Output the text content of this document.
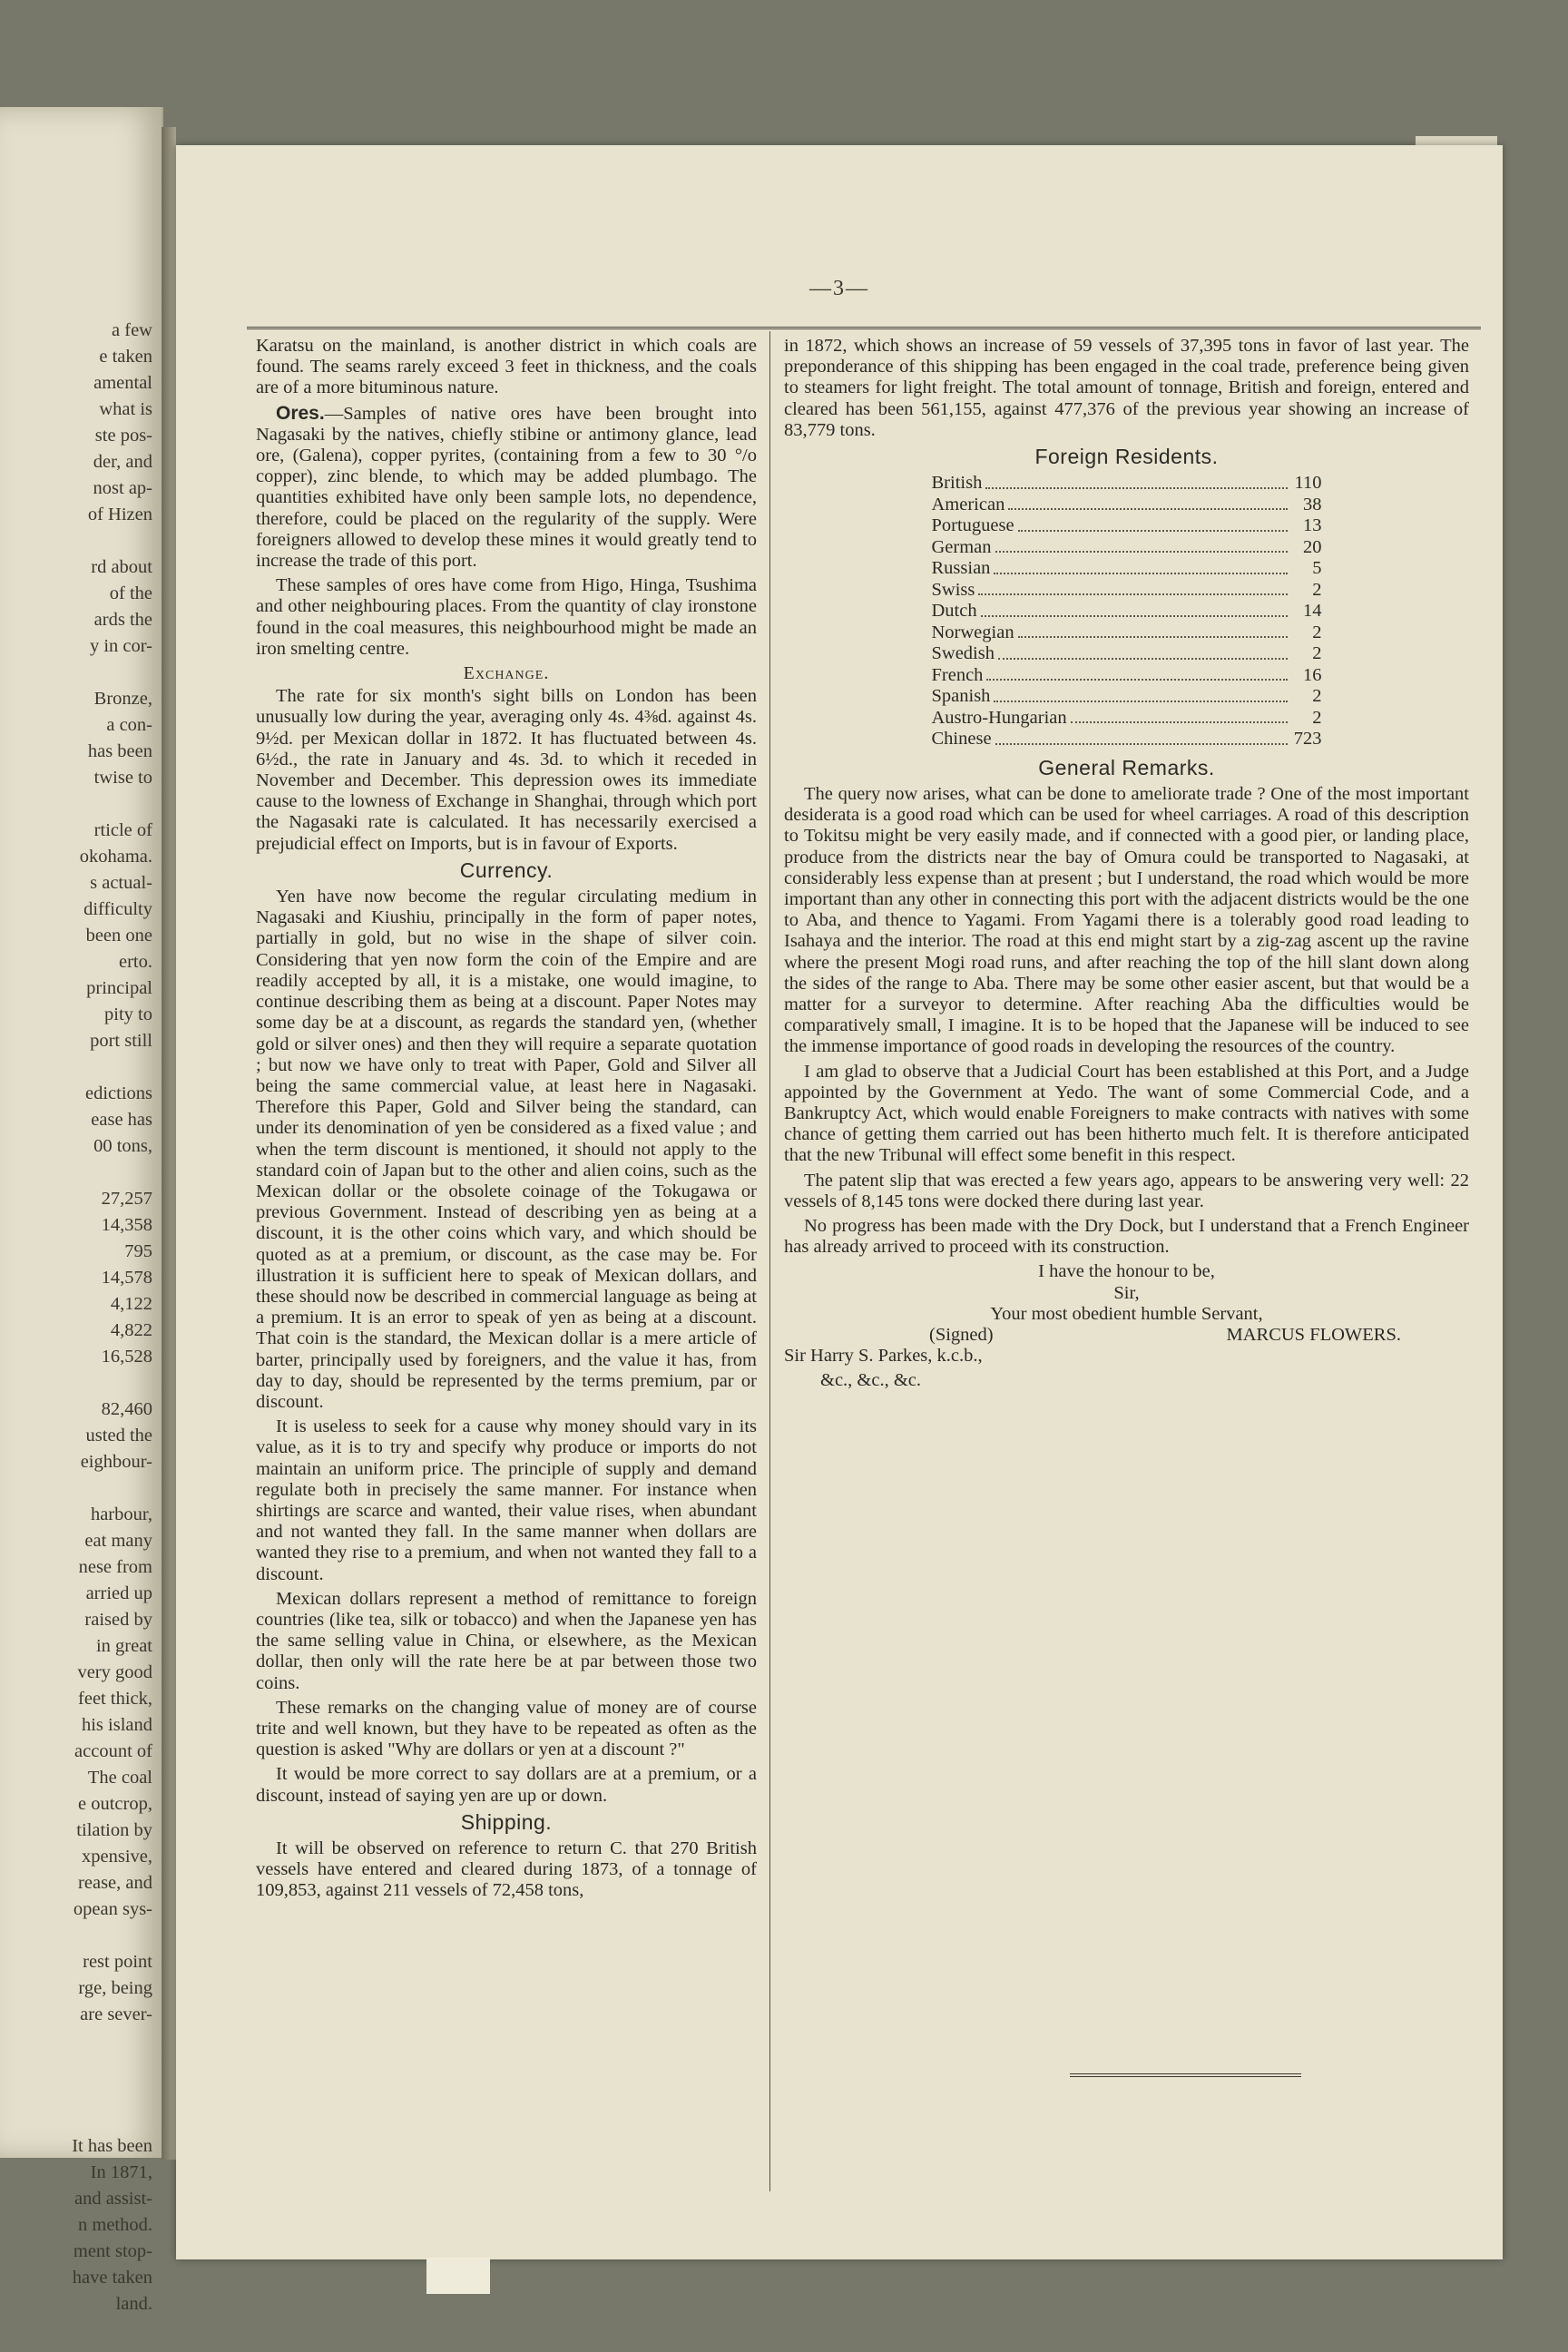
a few
e taken
amental
what is
ste pos-
der, and
nost ap-
of Hizen

rd about
of the
ards the
y in cor-

Bronze,
a con-
has been
twise to

rticle of
okohama.
s actual-
difficulty
been one
erto.
principal
pity to
port still

edictions
ease has
00 tons,

27,257
14,358
795
14,578
4,122
4,822
16,528

82,460
usted the
eighbour-

harbour,
eat many
nese from
arried up
raised by
in great
very good
feet thick,
his island
account of
The coal
e outcrop,
tilation by
xpensive,
rease, and
opean sys-

rest point
rge, being
are sever-

It has been
In 1871,
and assist-
n method.
ment stop-
have taken
land.
—3—

Karatsu on the mainland, is another district in which coals are found. The seams rarely exceed 3 feet in thickness, and the coals are of a more bituminous nature.

Ores.—Samples of native ores have been brought into Nagasaki by the natives, chiefly stibine or antimony glance, lead ore, (Galena), copper pyrites, (containing from a few to 30 °/o copper), zinc blende, to which may be added plumbago. The quantities exhibited have only been sample lots, no dependence, therefore, could be placed on the regularity of the supply. Were foreigners allowed to develop these mines it would greatly tend to increase the trade of this port.

These samples of ores have come from Higo, Hinga, Tsushima and other neighbouring places. From the quantity of clay ironstone found in the coal measures, this neighbourhood might be made an iron smelting centre.

Exchange.

The rate for six month's sight bills on London has been unusually low during the year, averaging only 4s. 4⅜d. against 4s. 9½d. per Mexican dollar in 1872. It has fluctuated between 4s. 6½d., the rate in January and 4s. 3d. to which it receded in November and December. This depression owes its immediate cause to the lowness of Exchange in Shanghai, through which port the Nagasaki rate is calculated. It has necessarily exercised a prejudicial effect on Imports, but is in favour of Exports.

Currency.

Yen have now become the regular circulating medium in Nagasaki and Kiushiu, principally in the form of paper notes, partially in gold, but no wise in the shape of silver coin. Considering that yen now form the coin of the Empire and are readily accepted by all, it is a mistake, one would imagine, to continue describing them as being at a discount. Paper Notes may some day be at a discount, as regards the standard yen, (whether gold or silver ones) and then they will require a separate quotation ; but now we have only to treat with Paper, Gold and Silver all being the same commercial value, at least here in Nagasaki. Therefore this Paper, Gold and Silver being the standard, can under its denomination of yen be considered as a fixed value ; and when the term discount is mentioned, it should not apply to the standard coin of Japan but to the other and alien coins, such as the Mexican dollar or the obsolete coinage of the Tokugawa or previous Government. Instead of describing yen as being at a discount, it is the other coins which vary, and which should be quoted as at a premium, or discount, as the case may be. For illustration it is sufficient here to speak of Mexican dollars, and these should now be described in commercial language as being at a premium. It is an error to speak of yen as being at a discount. That coin is the standard, the Mexican dollar is a mere article of barter, principally used by foreigners, and the value it has, from day to day, should be represented by the terms premium, par or discount.

It is useless to seek for a cause why money should vary in its value, as it is to try and specify why produce or imports do not maintain an uniform price. The principle of supply and demand regulate both in precisely the same manner. For instance when shirtings are scarce and wanted, their value rises, when abundant and not wanted they fall. In the same manner when dollars are wanted they rise to a premium, and when not wanted they fall to a discount.

Mexican dollars represent a method of remittance to foreign countries (like tea, silk or tobacco) and when the Japanese yen has the same selling value in China, or elsewhere, as the Mexican dollar, then only will the rate here be at par between those two coins.

These remarks on the changing value of money are of course trite and well known, but they have to be repeated as often as the question is asked "Why are dollars or yen at a discount ?"

It would be more correct to say dollars are at a premium, or a discount, instead of saying yen are up or down.

Shipping.

It will be observed on reference to return C. that 270 British vessels have entered and cleared during 1873, of a tonnage of 109,853, against 211 vessels of 72,458 tons,

in 1872, which shows an increase of 59 vessels of 37,395 tons in favor of last year. The preponderance of this shipping has been engaged in the coal trade, preference being given to steamers for light freight. The total amount of tonnage, British and foreign, entered and cleared has been 561,155, against 477,376 of the previous year showing an increase of 83,779 tons.

Foreign Residents.
British	110
American	38
Portuguese	13
German	20
Russian	5
Swiss	2
Dutch	14
Norwegian	2
Swedish	2
French	16
Spanish	2
Austro-Hungarian	2
Chinese	723
General Remarks.

The query now arises, what can be done to ameliorate trade ? One of the most important desiderata is a good road which can be used for wheel carriages. A road of this description to Tokitsu might be very easily made, and if connected with a good pier, or landing place, produce from the districts near the bay of Omura could be transported to Nagasaki, at considerably less expense than at present ; but I understand, the road which would be more important than any other in connecting this port with the adjacent districts would be the one to Aba, and thence to Yagami. From Yagami there is a tolerably good road leading to Isahaya and the interior. The road at this end might start by a zig-zag ascent up the ravine where the present Mogi road runs, and after reaching the top of the hill slant down along the sides of the range to Aba. There may be some other easier ascent, but that would be a matter for a surveyor to determine. After reaching Aba the difficulties would be comparatively small, I imagine. It is to be hoped that the Japanese will be induced to see the immense importance of good roads in developing the resources of the country.

I am glad to observe that a Judicial Court has been established at this Port, and a Judge appointed by the Government at Yedo. The want of some Commercial Code, and a Bankruptcy Act, which would enable Foreigners to make contracts with natives with some chance of getting them carried out has been hitherto much felt. It is therefore anticipated that the new Tribunal will effect some benefit in this respect.

The patent slip that was erected a few years ago, appears to be answering very well: 22 vessels of 8,145 tons were docked there during last year.

No progress has been made with the Dry Dock, but I understand that a French Engineer has already arrived to proceed with its construction.

I have the honour to be,

Sir,

Your most obedient humble Servant,

(Signed)	MARCUS FLOWERS.

Sir Harry S. Parkes, k.c.b.,

&c., &c., &c.
